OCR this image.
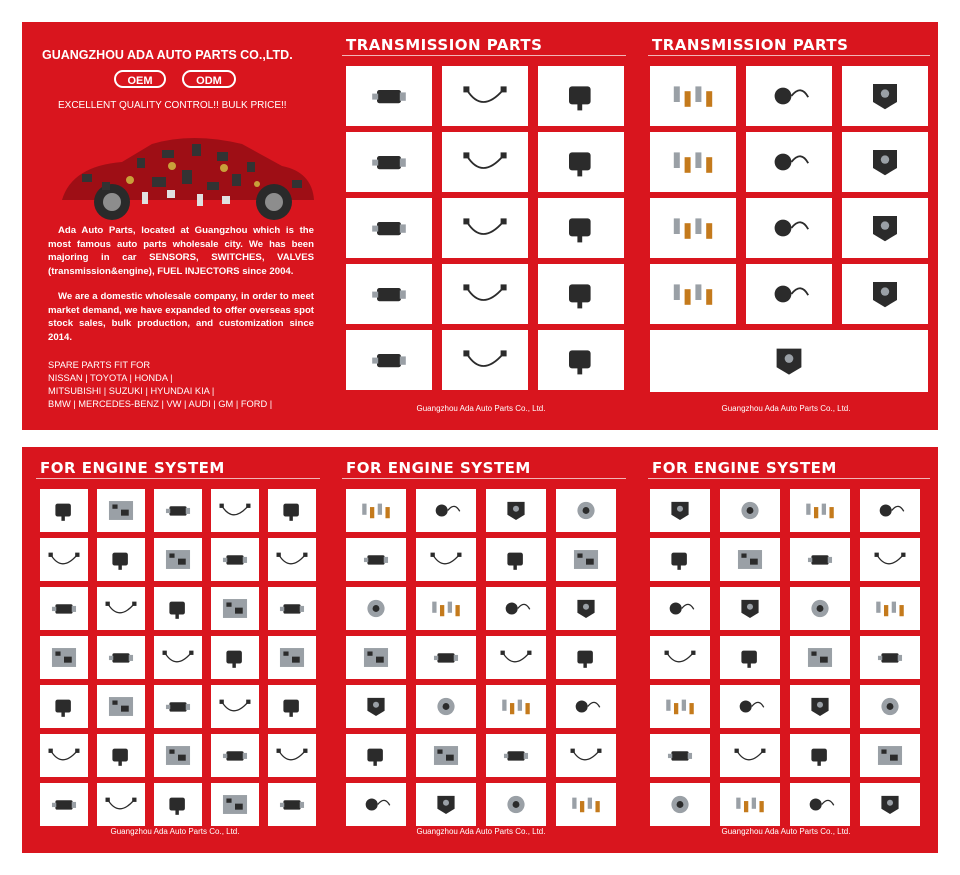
GUANGZHOU ADA AUTO PARTS CO.,LTD.
OEM	ODM
EXCELLENT QUALITY CONTROL!! BULK PRICE!!
Ada Auto Parts, located at Guangzhou which is the most famous auto parts wholesale city. We has been majoring in car SENSORS, SWITCHES, VALVES (transmission&engine), FUEL INJECTORS since 2004.
We are a domestic wholesale company, in order to meet market demand, we have expanded to offer overseas spot stock sales, bulk production, and customization since 2014.
SPARE PARTS FIT FOR
NISSAN | TOYOTA | HONDA |
MITSUBISHI | SUZUKI | HYUNDAI KIA |
BMW | MERCEDES-BENZ | VW | AUDI | GM | FORD |
TRANSMISSION PARTS
Guangzhou Ada Auto Parts Co., Ltd.
TRANSMISSION PARTS
Guangzhou Ada Auto Parts Co., Ltd.
FOR ENGINE SYSTEM
Guangzhou Ada Auto Parts Co., Ltd.
FOR ENGINE SYSTEM
Guangzhou Ada Auto Parts Co., Ltd.
FOR ENGINE SYSTEM
Guangzhou Ada Auto Parts Co., Ltd.
